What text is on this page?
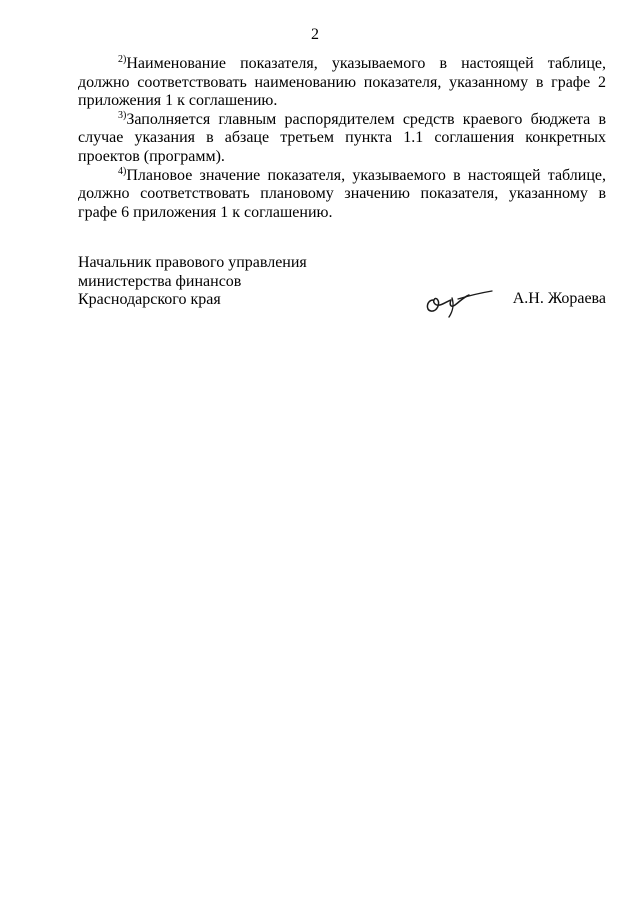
2

$^{2)}$Наименование показателя, указываемого в настоящей таблице, должно соответствовать наименованию показателя, указанному в графе 2 приложения 1 к соглашению.

$^{3)}$Заполняется главным распорядителем средств краевого бюджета в случае указания в абзаце третьем пункта 1.1 соглашения конкретных проектов (программ).

$^{4)}$Плановое значение показателя, указываемого в настоящей таблице, должно соответствовать плановому значению показателя, указанному в графе 6 приложения 1 к соглашению.

Начальник правового управления
министерства финансов
Краснодарского края	А.Н. Жораева
